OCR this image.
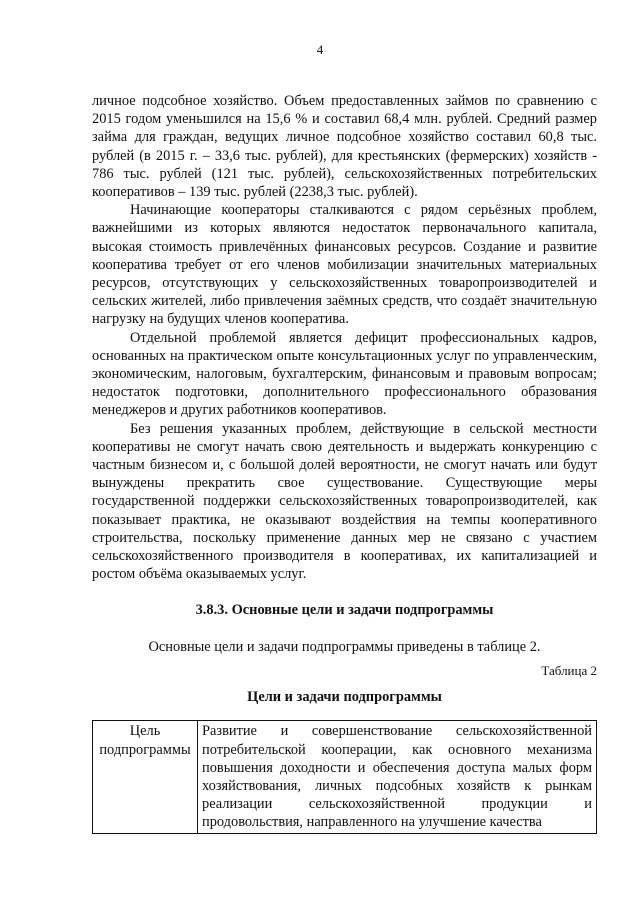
4

личное подсобное хозяйство. Объем предоставленных займов по сравнению с 2015 годом уменьшился на 15,6 % и составил 68,4 млн. рублей. Средний размер займа для граждан, ведущих личное подсобное хозяйство составил 60,8 тыс. рублей (в 2015 г. – 33,6 тыс. рублей), для крестьянских (фермерских) хозяйств - 786 тыс. рублей (121 тыс. рублей), сельскохозяйственных потребительских кооперативов – 139 тыс. рублей (2238,3 тыс. рублей).

Начинающие кооператоры сталкиваются с рядом серьёзных проблем, важнейшими из которых являются недостаток первоначального капитала, высокая стоимость привлечённых финансовых ресурсов. Создание и развитие кооператива требует от его членов мобилизации значительных материальных ресурсов, отсутствующих у сельскохозяйственных товаропроизводителей и сельских жителей, либо привлечения заёмных средств, что создаёт значительную нагрузку на будущих членов кооператива.

Отдельной проблемой является дефицит профессиональных кадров, основанных на практическом опыте консультационных услуг по управленческим, экономическим, налоговым, бухгалтерским, финансовым и правовым вопросам; недостаток подготовки, дополнительного профессионального образования менеджеров и других работников кооперативов.

Без решения указанных проблем, действующие в сельской местности кооперативы не смогут начать свою деятельность и выдержать конкуренцию с частным бизнесом и, с большой долей вероятности, не смогут начать или будут вынуждены прекратить свое существование. Существующие меры государственной поддержки сельскохозяйственных товаропроизводителей, как показывает практика, не оказывают воздействия на темпы кооперативного строительства, поскольку применение данных мер не связано с участием сельскохозяйственного производителя в кооперативах, их капитализацией и ростом объёма оказываемых услуг.

3.8.3. Основные цели и задачи подпрограммы

Основные цели и задачи подпрограммы приведены в таблице 2.

Таблица 2

Цели и задачи подпрограммы

Цель подпрограммы	Развитие и совершенствование сельскохозяйственной потребительской кооперации, как основного механизма повышения доходности и обеспечения доступа малых форм хозяйствования, личных подсобных хозяйств к рынкам реализации сельскохозяйственной продукции и продовольствия, направленного на улучшение качества
